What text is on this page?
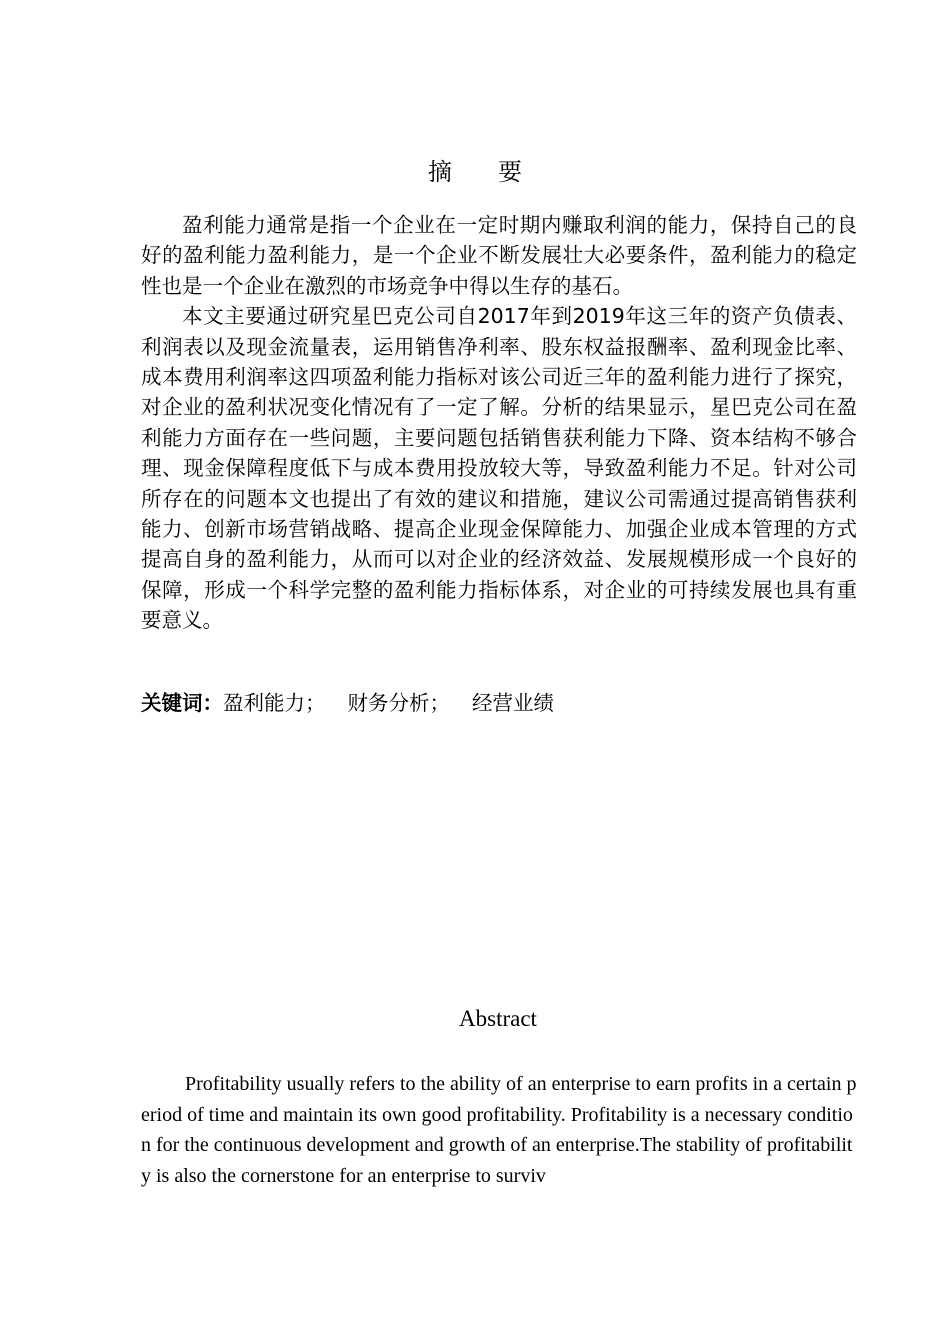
摘 要

盈利能力通常是指一个企业在一定时期内赚取利润的能力，保持自己的良好的盈利能力盈利能力，是一个企业不断发展壮大必要条件，盈利能力的稳定性也是一个企业在激烈的市场竞争中得以生存的基石。

本文主要通过研究星巴克公司自2017年到2019年这三年的资产负债表、利润表以及现金流量表，运用销售净利率、股东权益报酬率、盈利现金比率、成本费用利润率这四项盈利能力指标对该公司近三年的盈利能力进行了探究，对企业的盈利状况变化情况有了一定了解。分析的结果显示，星巴克公司在盈利能力方面存在一些问题，主要问题包括销售获利能力下降、资本结构不够合理、现金保障程度低下与成本费用投放较大等，导致盈利能力不足。针对公司所存在的问题本文也提出了有效的建议和措施，建议公司需通过提高销售获利能力、创新市场营销战略、提高企业现金保障能力、加强企业成本管理的方式提高自身的盈利能力，从而可以对企业的经济效益、发展规模形成一个良好的保障，形成一个科学完整的盈利能力指标体系，对企业的可持续发展也具有重要意义。

关键词：盈利能力； 财务分析； 经营业绩
Abstract

Profitability usually refers to the ability of an enterprise to earn profits in a certain period of time and maintain its own good profitability. Profitability is a necessary condition for the continuous development and growth of an enterprise.The stability of profitability is also the cornerstone for an enterprise to surviv
